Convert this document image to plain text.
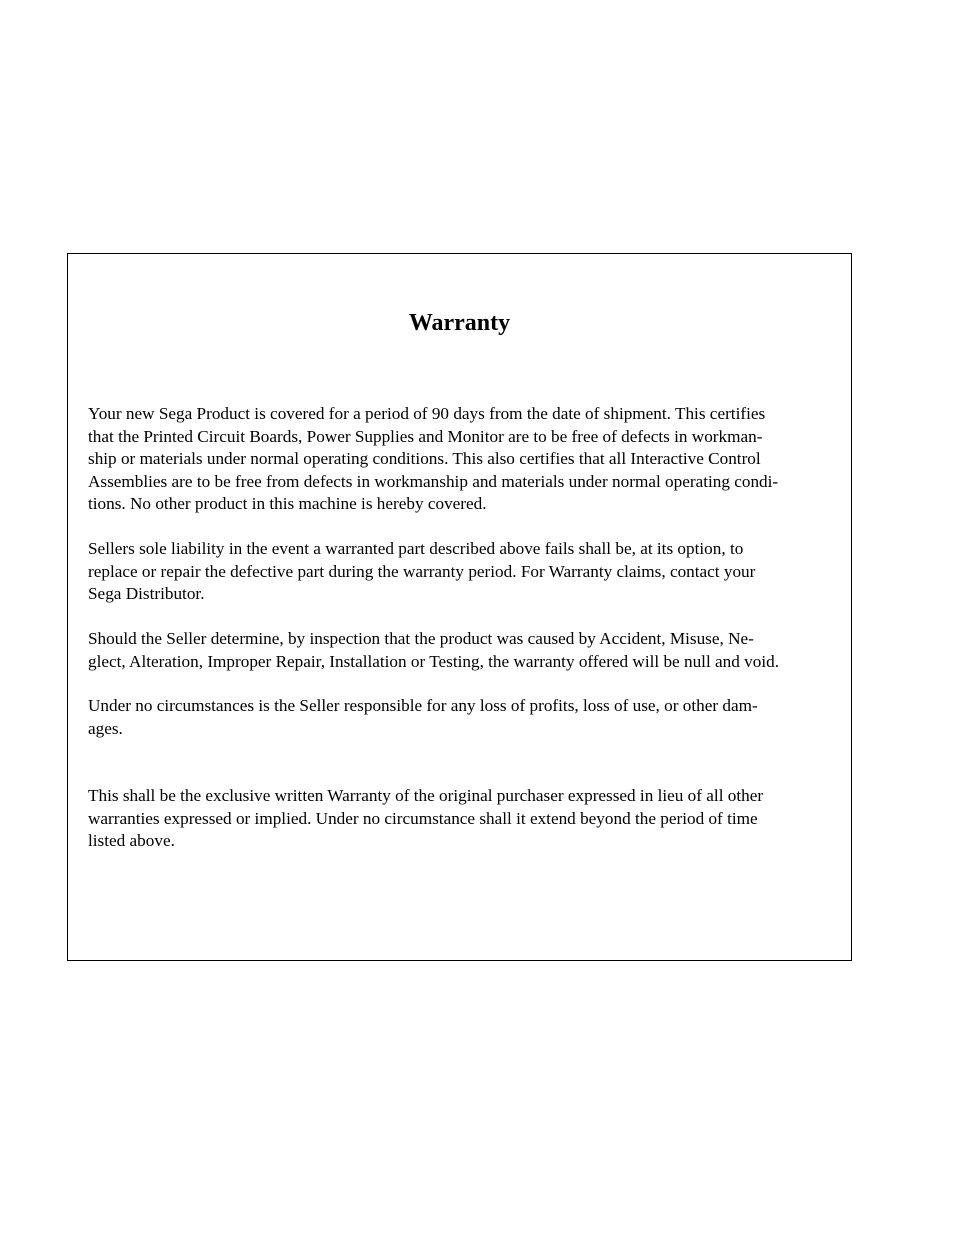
Warranty

Your new Sega Product is covered for a period of 90 days from the date of shipment. This certifies
that the Printed Circuit Boards, Power Supplies and Monitor are to be free of defects in workman-
ship or materials under normal operating conditions. This also certifies that all Interactive Control
Assemblies are to be free from defects in workmanship and materials under normal operating condi-
tions. No other product in this machine is hereby covered.

Sellers sole liability in the event a warranted part described above fails shall be, at its option, to
replace or repair the defective part during the warranty period. For Warranty claims, contact your
Sega Distributor.

Should the Seller determine, by inspection that the product was caused by Accident, Misuse, Ne-
glect, Alteration, Improper Repair, Installation or Testing, the warranty offered will be null and void.

Under no circumstances is the Seller responsible for any loss of profits, loss of use, or other dam-
ages.

This shall be the exclusive written Warranty of the original purchaser expressed in lieu of all other
warranties expressed or implied. Under no circumstance shall it extend beyond the period of time
listed above.
